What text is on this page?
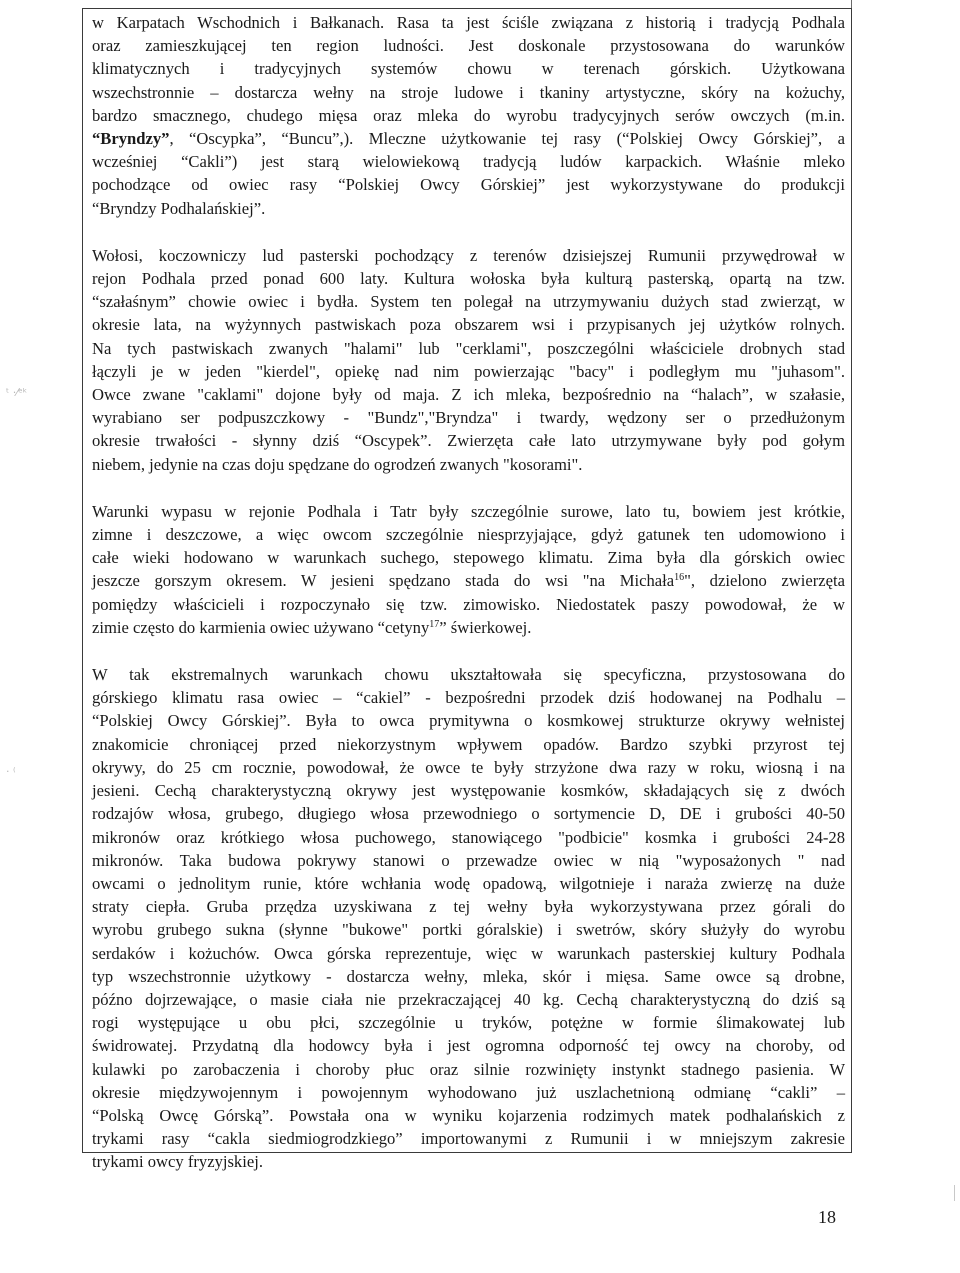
ᵗ ·⁄ᵉᵏ
· ⁽

w Karpatach Wschodnich i Bałkanach. Rasa ta jest ściśle związana z historią i tradycją Podhala
oraz zamieszkującej ten region ludności. Jest doskonale przystosowana do warunków
klimatycznych i tradycyjnych systemów chowu w terenach górskich. Użytkowana
wszechstronnie – dostarcza wełny na stroje ludowe i tkaniny artystyczne, skóry na kożuchy,
bardzo smacznego, chudego mięsa oraz mleka do wyrobu tradycyjnych serów owczych (m.in.
“Bryndzy”, “Oscypka”, “Buncu”,). Mleczne użytkowanie tej rasy (“Polskiej Owcy Górskiej”, a
wcześniej “Cakli”) jest starą wielowiekową tradycją ludów karpackich. Właśnie mleko
pochodzące od owiec rasy “Polskiej Owcy Górskiej” jest wykorzystywane do produkcji
“Bryndzy Podhalańskiej”.

Wołosi, koczowniczy lud pasterski pochodzący z terenów dzisiejszej Rumunii przywędrował w
rejon Podhala przed ponad 600 laty. Kultura wołoska była kulturą pasterską, opartą na tzw.
“szałaśnym” chowie owiec i bydła. System ten polegał na utrzymywaniu dużych stad zwierząt, w
okresie lata, na wyżynnych pastwiskach poza obszarem wsi i przypisanych jej użytków rolnych.
Na tych pastwiskach zwanych "halami" lub "cerklami", poszczególni właściciele drobnych stad
łączyli je w jeden "kierdel", opiekę nad nim powierzając "bacy" i podległym mu "juhasom".
Owce zwane "caklami" dojone były od maja. Z ich mleka, bezpośrednio na “halach”, w szałasie,
wyrabiano ser podpuszczkowy - "Bundz","Bryndza" i twardy, wędzony ser o przedłużonym
okresie trwałości - słynny dziś “Oscypek”. Zwierzęta całe lato utrzymywane były pod gołym
niebem, jedynie na czas doju spędzane do ogrodzeń zwanych "kosorami".

Warunki wypasu w rejonie Podhala i Tatr były szczególnie surowe, lato tu, bowiem jest krótkie,
zimne i deszczowe, a więc owcom szczególnie niesprzyjające, gdyż gatunek ten udomowiono i
całe wieki hodowano w warunkach suchego, stepowego klimatu. Zima była dla górskich owiec
jeszcze gorszym okresem. W jesieni spędzano stada do wsi "na Michała$^{16}$", dzielono zwierzęta
pomiędzy właścicieli i rozpoczynało się tzw. zimowisko. Niedostatek paszy powodował, że w
zimie często do karmienia owiec używano “cetyny$^{17}$” świerkowej.

W tak ekstremalnych warunkach chowu ukształtowała się specyficzna, przystosowana do
górskiego klimatu rasa owiec – “cakiel” - bezpośredni przodek dziś hodowanej na Podhalu –
“Polskiej Owcy Górskiej”. Była to owca prymitywna o kosmkowej strukturze okrywy wełnistej
znakomicie chroniącej przed niekorzystnym wpływem opadów. Bardzo szybki przyrost tej
okrywy, do 25 cm rocznie, powodował, że owce te były strzyżone dwa razy w roku, wiosną i na
jesieni. Cechą charakterystyczną okrywy jest występowanie kosmków, składających się z dwóch
rodzajów włosa, grubego, długiego włosa przewodniego o sortymencie D, DE i grubości 40-50
mikronów oraz krótkiego włosa puchowego, stanowiącego "podbicie" kosmka i grubości 24-28
mikronów. Taka budowa pokrywy stanowi o przewadze owiec w nią "wyposażonych " nad
owcami o jednolitym runie, które wchłania wodę opadową, wilgotnieje i naraża zwierzę na duże
straty ciepła. Gruba przędza uzyskiwana z tej wełny była wykorzystywana przez górali do
wyrobu grubego sukna (słynne "bukowe" portki góralskie) i swetrów, skóry służyły do wyrobu
serdaków i kożuchów. Owca górska reprezentuje, więc w warunkach pasterskiej kultury Podhala
typ wszechstronnie użytkowy - dostarcza wełny, mleka, skór i mięsa. Same owce są drobne,
późno dojrzewające, o masie ciała nie przekraczającej 40 kg. Cechą charakterystyczną do dziś są
rogi występujące u obu płci, szczególnie u tryków, potężne w formie ślimakowatej lub
świdrowatej. Przydatną dla hodowcy była i jest ogromna odporność tej owcy na choroby, od
kulawki po zarobaczenia i choroby płuc oraz silnie rozwinięty instynkt stadnego pasienia. W
okresie międzywojennym i powojennym wyhodowano już uszlachetnioną odmianę “cakli” –
“Polską Owcę Górską”. Powstała ona w wyniku kojarzenia rodzimych matek podhalańskich z
trykami rasy “cakla siedmiogrodzkiego” importowanymi z Rumunii i w mniejszym zakresie
trykami owcy fryzyjskiej.

18
